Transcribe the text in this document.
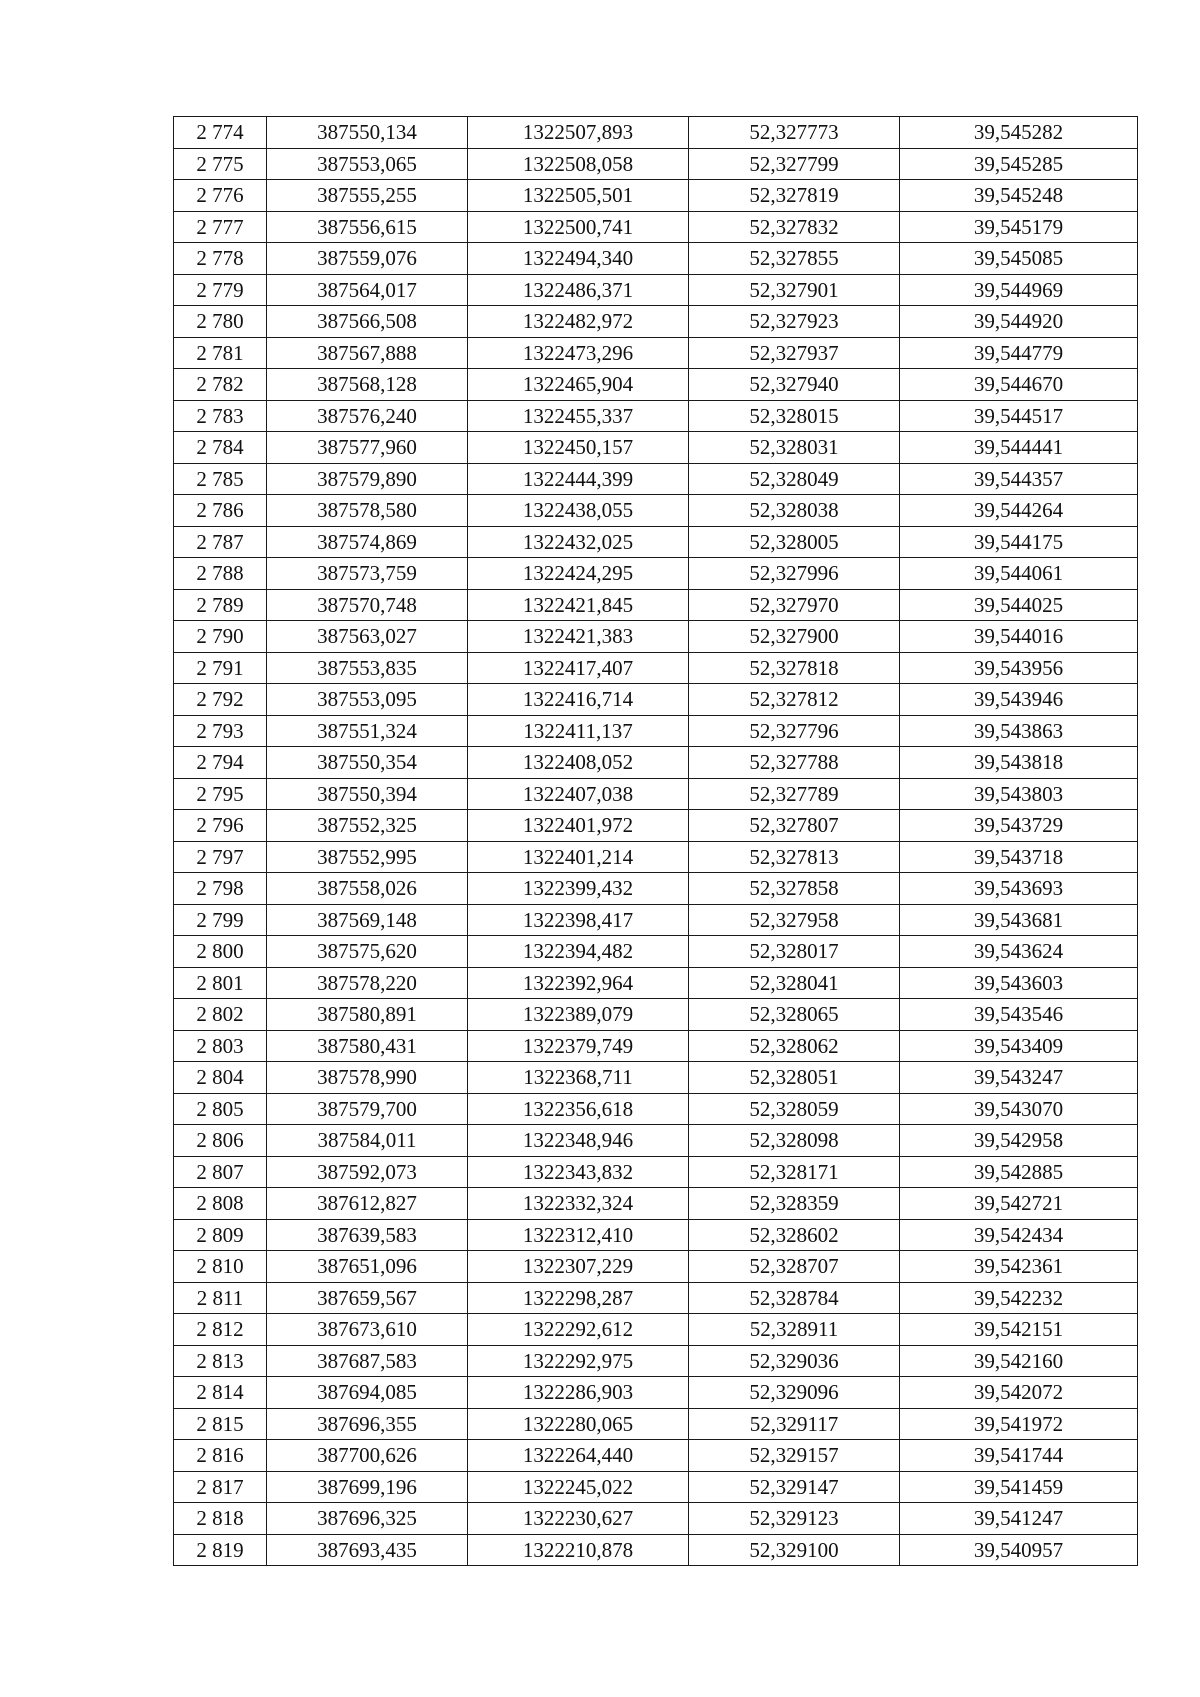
2 774	387550,134	1322507,893	52,327773	39,545282
2 775	387553,065	1322508,058	52,327799	39,545285
2 776	387555,255	1322505,501	52,327819	39,545248
2 777	387556,615	1322500,741	52,327832	39,545179
2 778	387559,076	1322494,340	52,327855	39,545085
2 779	387564,017	1322486,371	52,327901	39,544969
2 780	387566,508	1322482,972	52,327923	39,544920
2 781	387567,888	1322473,296	52,327937	39,544779
2 782	387568,128	1322465,904	52,327940	39,544670
2 783	387576,240	1322455,337	52,328015	39,544517
2 784	387577,960	1322450,157	52,328031	39,544441
2 785	387579,890	1322444,399	52,328049	39,544357
2 786	387578,580	1322438,055	52,328038	39,544264
2 787	387574,869	1322432,025	52,328005	39,544175
2 788	387573,759	1322424,295	52,327996	39,544061
2 789	387570,748	1322421,845	52,327970	39,544025
2 790	387563,027	1322421,383	52,327900	39,544016
2 791	387553,835	1322417,407	52,327818	39,543956
2 792	387553,095	1322416,714	52,327812	39,543946
2 793	387551,324	1322411,137	52,327796	39,543863
2 794	387550,354	1322408,052	52,327788	39,543818
2 795	387550,394	1322407,038	52,327789	39,543803
2 796	387552,325	1322401,972	52,327807	39,543729
2 797	387552,995	1322401,214	52,327813	39,543718
2 798	387558,026	1322399,432	52,327858	39,543693
2 799	387569,148	1322398,417	52,327958	39,543681
2 800	387575,620	1322394,482	52,328017	39,543624
2 801	387578,220	1322392,964	52,328041	39,543603
2 802	387580,891	1322389,079	52,328065	39,543546
2 803	387580,431	1322379,749	52,328062	39,543409
2 804	387578,990	1322368,711	52,328051	39,543247
2 805	387579,700	1322356,618	52,328059	39,543070
2 806	387584,011	1322348,946	52,328098	39,542958
2 807	387592,073	1322343,832	52,328171	39,542885
2 808	387612,827	1322332,324	52,328359	39,542721
2 809	387639,583	1322312,410	52,328602	39,542434
2 810	387651,096	1322307,229	52,328707	39,542361
2 811	387659,567	1322298,287	52,328784	39,542232
2 812	387673,610	1322292,612	52,328911	39,542151
2 813	387687,583	1322292,975	52,329036	39,542160
2 814	387694,085	1322286,903	52,329096	39,542072
2 815	387696,355	1322280,065	52,329117	39,541972
2 816	387700,626	1322264,440	52,329157	39,541744
2 817	387699,196	1322245,022	52,329147	39,541459
2 818	387696,325	1322230,627	52,329123	39,541247
2 819	387693,435	1322210,878	52,329100	39,540957
